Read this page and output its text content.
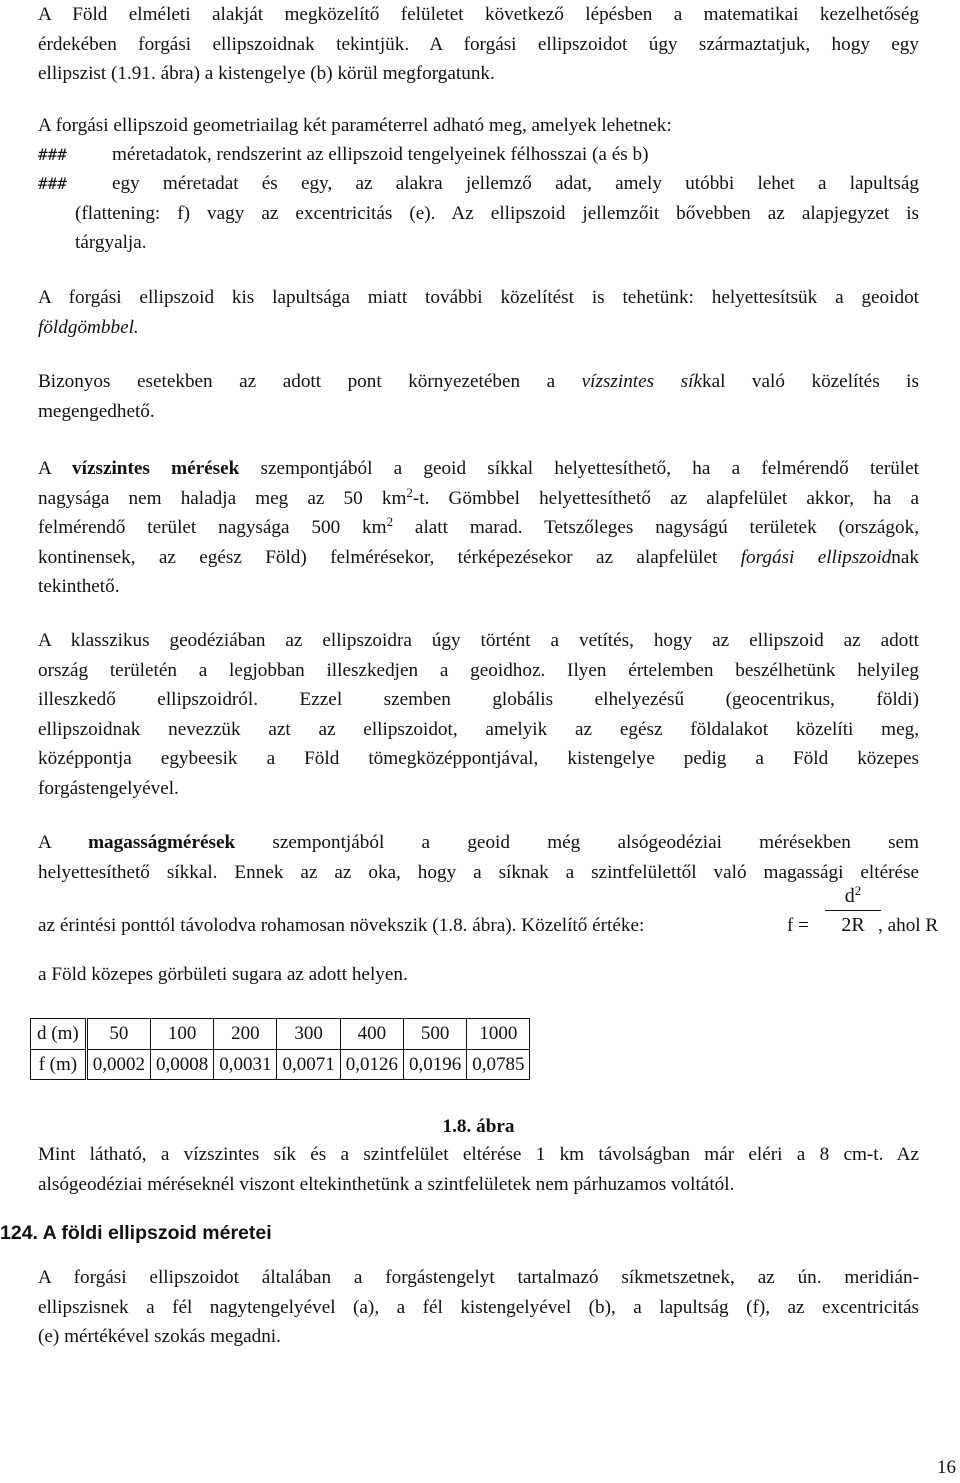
A Föld elméleti alakját megközelítő felületet következő lépésben a matematikai kezelhetőség
érdekében forgási ellipszoidnak tekintjük. A forgási ellipszoidot úgy származtatjuk, hogy egy
ellipszist (1.91. ábra) a kistengelye (b) körül megforgatunk.
A forgási ellipszoid geometriailag két paraméterrel adható meg, amelyek lehetnek:
### méretadatok, rendszerint az ellipszoid tengelyeinek félhosszai (a és b)
### egy méretadat és egy, az alakra jellemző adat, amely utóbbi lehet a lapultság
(flattening: f) vagy az excentricitás (e). Az ellipszoid jellemzőit bővebben az alapjegyzet is
tárgyalja.
A forgási ellipszoid kis lapultsága miatt további közelítést is tehetünk: helyettesítsük a geoidot
földgömbbel.
Bizonyos esetekben az adott pont környezetében a vízszintes síkkal való közelítés is
megengedhető.
A vízszintes mérések szempontjából a geoid síkkal helyettesíthető, ha a felmérendő terület
nagysága nem haladja meg az 50 $km^2-t$. Gömbbel helyettesíthető az alapfelület akkor, ha a
felmérendő terület nagysága 500 $km^2$ alatt marad. Tetszőleges nagyságú területek (országok,
kontinensek, az egész Föld) felmérésekor, térképezésekor az alapfelület forgási ellipszoidnak
tekinthető.
A klasszikus geodéziában az ellipszoidra úgy történt a vetítés, hogy az ellipszoid az adott
ország területén a legjobban illeszkedjen a geoidhoz. Ilyen értelemben beszélhetünk helyileg
illeszkedő ellipszoidról. Ezzel szemben globális elhelyezésű (geocentrikus, földi)
ellipszoidnak nevezzük azt az ellipszoidot, amelyik az egész földalakot közelíti meg,
középpontja egybeesik a Föld tömegközéppontjával, kistengelye pedig a Föld közepes
forgástengelyével.
A magasságmérések szempontjából a geoid még alsógeodéziai mérésekben sem
helyettesíthető síkkal. Ennek az az oka, hogy a síknak a szintfelülettől való magassági eltérése
az érintési ponttól távolodva rohamosan növekszik (1.8. ábra). Közelítő értéke:	f =
$d^2$
2R , ahol R
a Föld közepes görbületi sugara az adott helyen.
d (m)	50	100	200	300	400	500	1000
f (m)	0,0002	0,0008	0,0031	0,0071	0,0126	0,0196	0,0785
1.8. ábra
Mint látható, a vízszintes sík és a szintfelület eltérése 1 km távolságban már eléri a 8 cm-t. Az
alsógeodéziai méréseknél viszont eltekinthetünk a szintfelületek nem párhuzamos voltától.
124. A földi ellipszoid méretei
A forgási ellipszoidot általában a forgástengelyt tartalmazó síkmetszetnek, az ún. meridián-
ellipszisnek a fél nagytengelyével (a), a fél kistengelyével (b), a lapultság (f), az excentricitás
(e) mértékével szokás megadni.
16
